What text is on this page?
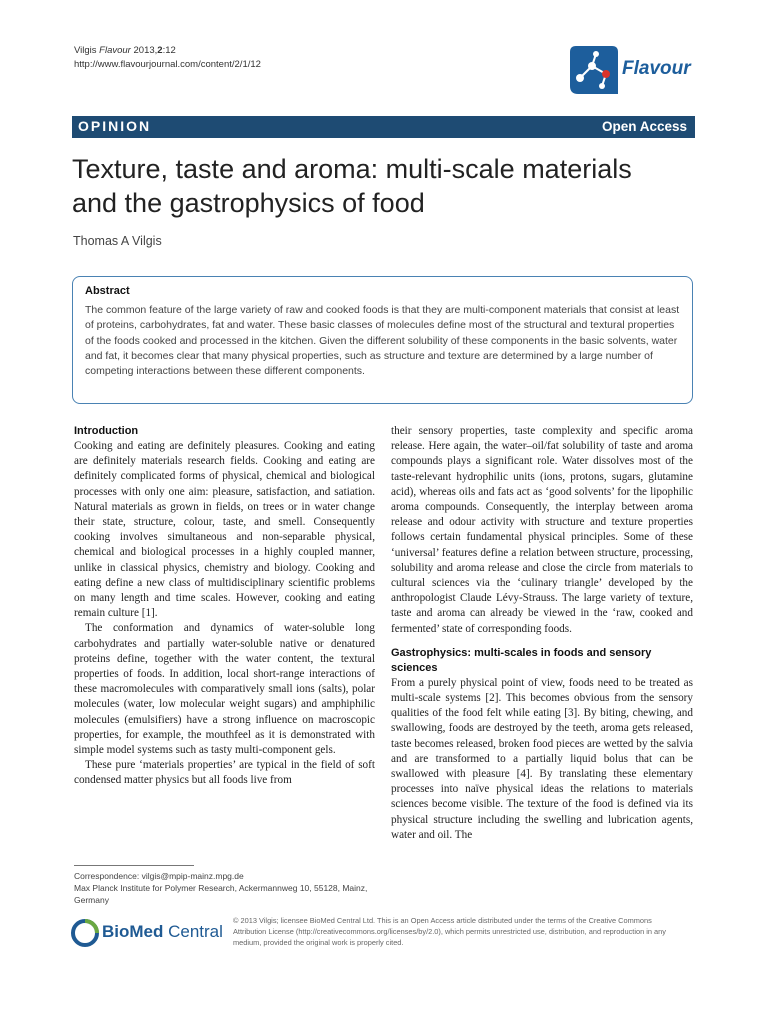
Vilgis Flavour 2013,2:12
http://www.flavourjournal.com/content/2/1/12	Flavour
OPINION	Open Access
Texture, taste and aroma: multi-scale materials
and the gastrophysics of food
Thomas A Vilgis
Abstract
The common feature of the large variety of raw and cooked foods is that they are multi-component materials that consist at least of proteins, carbohydrates, fat and water. These basic classes of molecules define most of the structural and textural properties of the foods cooked and processed in the kitchen. Given the different solubility of these components in the basic solvents, water and fat, it becomes clear that many physical properties, such as structure and texture are determined by a large number of competing interactions between these different components.
Introduction

Cooking and eating are definitely pleasures. Cooking and eating are definitely materials research fields. Cooking and eating are definitely complicated forms of physical, chemical and biological processes with only one aim: pleasure, satisfaction, and satiation. Natural materials as grown in fields, on trees or in water change their state, structure, colour, taste, and smell. Consequently cooking involves simultaneous and non-separable physical, chemical and biological processes in a highly coupled manner, unlike in classical physics, chemistry and biology. Cooking and eating define a new class of multidisciplinary scientific problems on many length and time scales. However, cooking and eating remain culture [1].

The conformation and dynamics of water-soluble long carbohydrates and partially water-soluble native or denatured proteins define, together with the water content, the textural properties of foods. In addition, local short-range interactions of these macromolecules with comparatively small ions (salts), polar molecules (water, low molecular weight sugars) and amphiphilic molecules (emulsifiers) have a strong influence on macroscopic properties, for example, the mouthfeel as it is demonstrated with simple model systems such as tasty multi-component gels.

These pure ‘materials properties’ are typical in the field of soft condensed matter physics but all foods live from

their sensory properties, taste complexity and specific aroma release. Here again, the water–oil/fat solubility of taste and aroma compounds plays a significant role. Water dissolves most of the taste-relevant hydrophilic units (ions, protons, sugars, glutamine acid), whereas oils and fats act as ‘good solvents’ for the lipophilic aroma compounds. Consequently, the interplay between aroma release and odour activity with structure and texture properties follows certain fundamental physical principles. Some of these ‘universal’ features define a relation between structure, processing, solubility and aroma release and close the circle from materials to cultural sciences via the ‘culinary triangle’ developed by the anthropologist Claude Lévy-Strauss. The large variety of texture, taste and aroma can already be viewed in the ‘raw, cooked and fermented’ state of corresponding foods.

Gastrophysics: multi-scales in foods and sensory sciences

From a purely physical point of view, foods need to be treated as multi-scale systems [2]. This becomes obvious from the sensory qualities of the food felt while eating [3]. By biting, chewing, and swallowing, foods are destroyed by the teeth, aroma gets released, taste becomes released, broken food pieces are wetted by the salvia and are transformed to a partially liquid bolus that can be swallowed with pleasure [4]. By translating these elementary processes into naïve physical ideas the relations to materials sciences become visible. The texture of the food is defined via its physical structure including the swelling and lubrication agents, water and oil. The

Correspondence: vilgis@mpip-mainz.mpg.de
Max Planck Institute for Polymer Research, Ackermannweg 10, 55128, Mainz, Germany
BioMed Central
© 2013 Vilgis; licensee BioMed Central Ltd. This is an Open Access article distributed under the terms of the Creative Commons Attribution License (http://creativecommons.org/licenses/by/2.0), which permits unrestricted use, distribution, and reproduction in any medium, provided the original work is properly cited.
